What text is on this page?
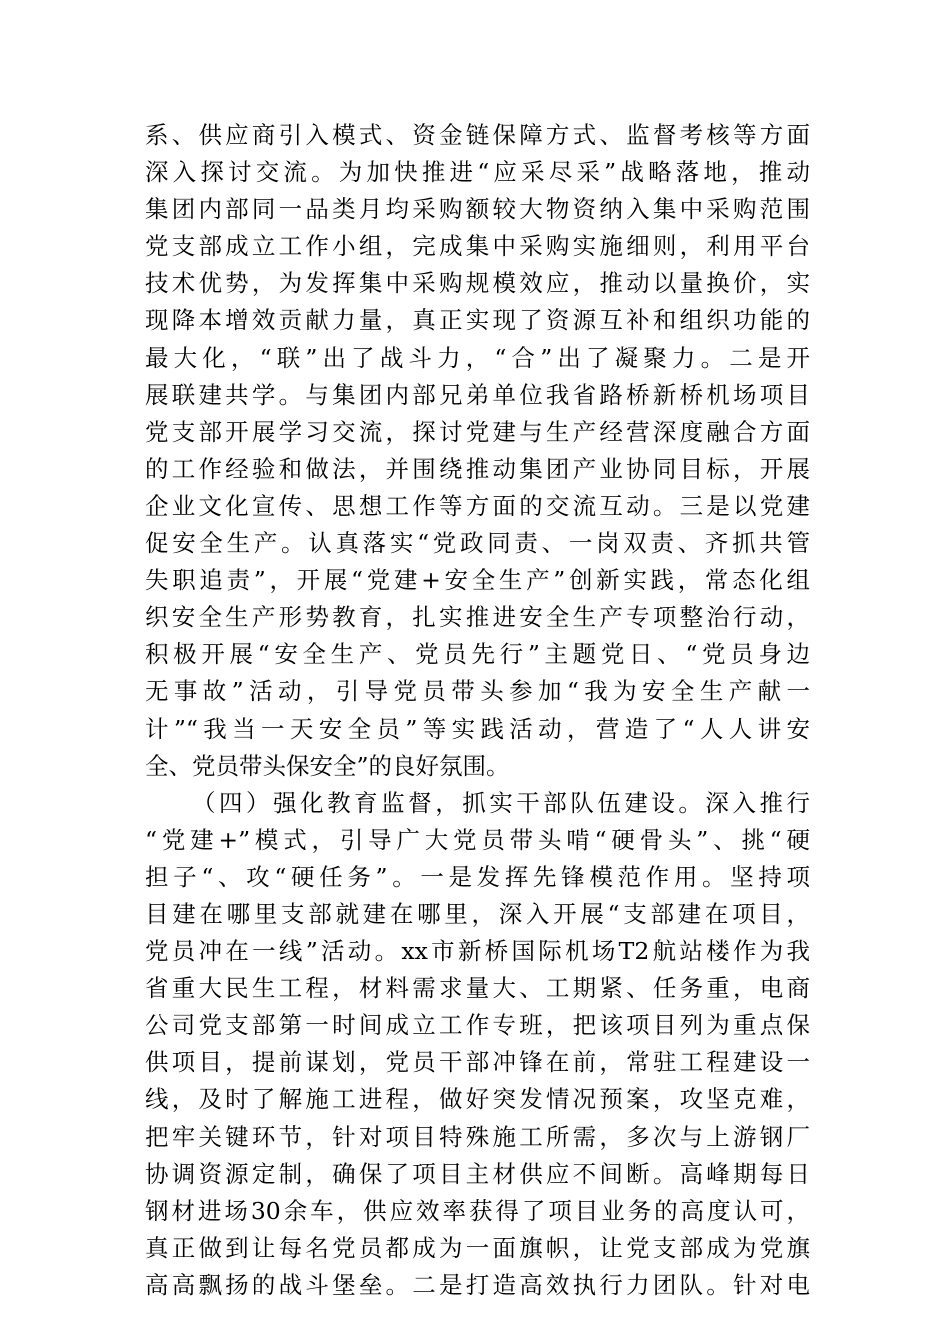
系、供应商引入模式、资金链保障方式、监督考核等方面
深入探讨交流。为加快推进“应采尽采”战略落地，推动
集团内部同一品类月均采购额较大物资纳入集中采购范围
党支部成立工作小组，完成集中采购实施细则，利用平台
技术优势，为发挥集中采购规模效应，推动以量换价，实
现降本增效贡献力量，真正实现了资源互补和组织功能的
最大化，“联”出了战斗力，“合”出了凝聚力。二是开
展联建共学。与集团内部兄弟单位我省路桥新桥机场项目
党支部开展学习交流，探讨党建与生产经营深度融合方面
的工作经验和做法，并围绕推动集团产业协同目标，开展
企业文化宣传、思想工作等方面的交流互动。三是以党建
促安全生产。认真落实“党政同责、一岗双责、齐抓共管
失职追责”，开展“党建+安全生产”创新实践，常态化组
织安全生产形势教育，扎实推进安全生产专项整治行动，
积极开展“安全生产、党员先行”主题党日、“党员身边
无事故”活动，引导党员带头参加“我为安全生产献一
计”“我当一天安全员”等实践活动，营造了“人人讲安
全、党员带头保安全”的良好氛围。
（四）强化教育监督，抓实干部队伍建设。深入推行
“党建+”模式，引导广大党员带头啃“硬骨头”、挑“硬
担子“、攻“硬任务”。一是发挥先锋模范作用。坚持项
目建在哪里支部就建在哪里，深入开展“支部建在项目，
党员冲在一线”活动。xx市新桥国际机场T2航站楼作为我
省重大民生工程，材料需求量大、工期紧、任务重，电商
公司党支部第一时间成立工作专班，把该项目列为重点保
供项目，提前谋划，党员干部冲锋在前，常驻工程建设一
线，及时了解施工进程，做好突发情况预案，攻坚克难，
把牢关键环节，针对项目特殊施工所需，多次与上游钢厂
协调资源定制，确保了项目主材供应不间断。高峰期每日
钢材进场30余车，供应效率获得了项目业务的高度认可，
真正做到让每名党员都成为一面旗帜，让党支部成为党旗
高高飘扬的战斗堡垒。二是打造高效执行力团队。针对电
